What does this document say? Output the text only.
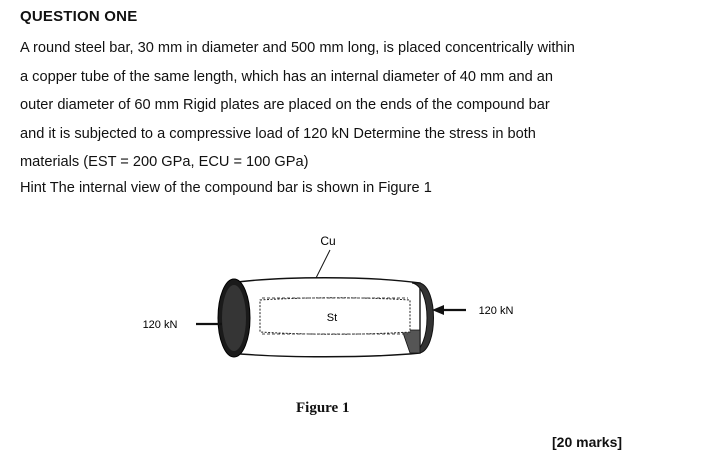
QUESTION ONE
A round steel bar, 30 mm in diameter and 500 mm long, is placed concentrically within
a copper tube of the same length, which has an internal diameter of 40 mm and an
outer diameter of 60 mm Rigid plates are placed on the ends of the compound bar
and it is subjected to a compressive load of 120 kN Determine the stress in both
materials (EST = 200 GPa, ECU = 100 GPa)
Hint The internal view of the compound bar is shown in Figure 1
Cu
St
120 kN
120 kN
Figure 1
[20 marks]
